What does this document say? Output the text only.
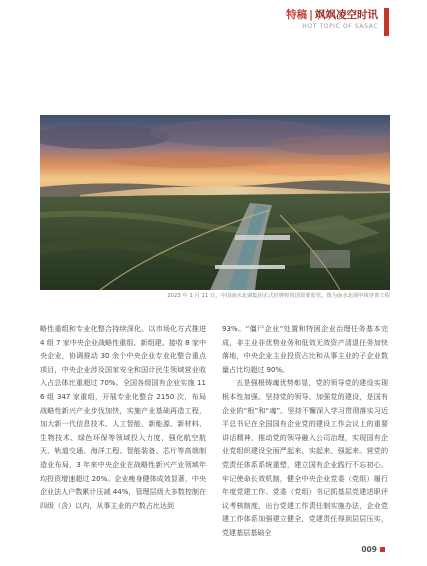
特稿 | 飒飒凌空时讯
HOT TOPIC OF SASAC
2023 年 1 月 11 日，中国南水北调集团正式挂牌将资国资委监管。图为南水北调中线穿黄工程

略性重组和专业化整合持续深化。以市场化方式推进 4 组 7 家中央企业战略性重组、新组建、接收 8 家中央企业，协调推动 30 余个中央企业专业化整合重点项目，中央企业涉及国家安全和国计民生领域营业收入占总体比重超过 70%。全国各级国有企业实施 116 组 347 家重组，开展专业化整合 2150 次，布局战略性新兴产业步伐加快，实施产业基础再造工程，加大新一代信息技术、人工智能、新能源、新材料、生物技术、绿色环保等领域投入力度，强化航空航天、轨道交通、海洋工程、智能装备、芯片等高端制造业布局，3 年来中央企业在战略性新兴产业领域年均投资增速超过 20%。企业瘦身健体成效显著，中央企业法人户数累计压减 44%，管理层级大多数控制在四级（含）以内，从事主业的户数占比达到

93%。“僵尸企业”处置和特困企业治理任务基本完成，非主业非优势业务和低效无效资产清退任务加快落地，中央企业主业投资占比和从事主业的子企业数量占比均超过 90%。

五是强根铸魂优势彰显，党的领导党的建设实现根本性加强。坚持党的领导、加强党的建设，是国有企业的“根”和“魂”。坚持不懈深入学习贯彻落实习近平总书记在全国国有企业党的建设工作会议上的重要讲话精神，推动党的领导融入公司治理，实现国有企业党组织建设全面严起来、实起来、强起来。营党的党责任体系系统重塑，建立国有企业践行不忘初心、牢记使命长效机制，健全中央企业党委（党组）履行年度党建工作、党委（党组）书记抓基层党建述职评议考核制度，出台党建工作责任制实施办法，企业党建工作体系加强建立健全，党建责任得到层层压实，党建基层基础全

009
